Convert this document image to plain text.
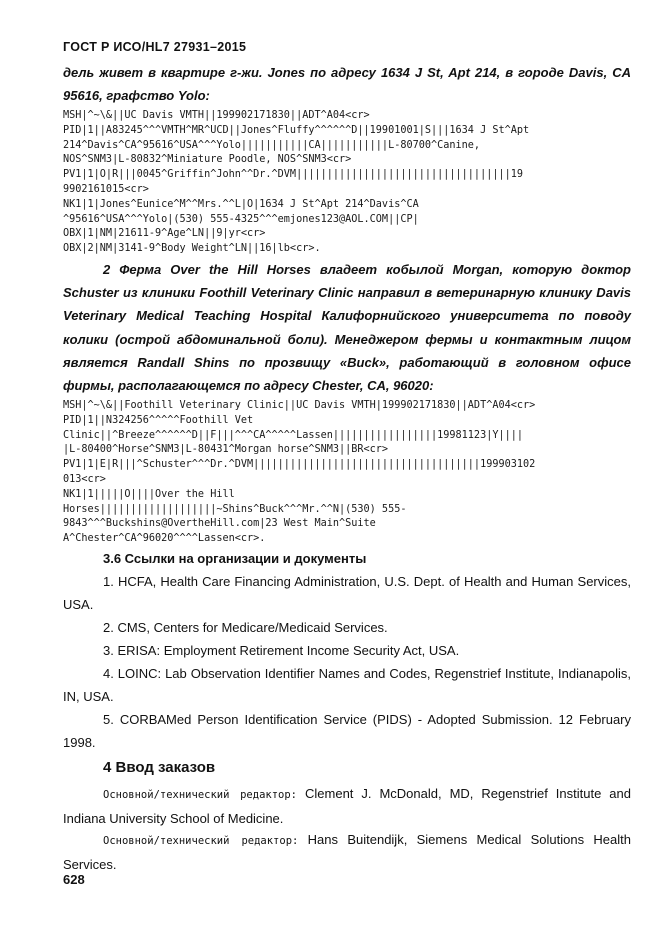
ГОСТ Р ИСО/HL7 27931–2015
дель живет в квартире г-жи. Jones по адресу 1634 J St, Apt 214, в городе Davis, CA 95616, графство Yolo:
MSH|^~\&||UC Davis VMTH||199902171830||ADT^A04<cr>
PID|1||A83245^^^VMTH^MR^UCD||Jones^Fluffy^^^^^^D||19901001|S|||1634 J St^Apt
214^Davis^CA^95616^USA^^^Yolo|||||||||||CA|||||||||||L-80700^Canine,
NOS^SNM3|L-80832^Miniature Poodle, NOS^SNM3<cr>
PV1|1|O|R|||0045^Griffin^John^^Dr.^DVM|||||||||||||||||||||||||||||||||||19
9902161015<cr>
NK1|1|Jones^Eunice^M^^Mrs.^^L|O|1634 J St^Apt 214^Davis^CA
^95616^USA^^^Yolo|(530) 555-4325^^^emjones123@AOL.COM||CP|
OBX|1|NM|21611-9^Age^LN||9|yr<cr>
OBX|2|NM|3141-9^Body Weight^LN||16|lb<cr>.
2 Ферма Over the Hill Horses владеет кобылой Morgan, которую доктор Schuster из клиники Foothill Veterinary Clinic направил в ветеринарную клинику Davis Veterinary Medical Teaching Hospital Калифорнийского университета по поводу колики (острой абдоминальной боли). Менеджером фермы и контактным лицом является Randall Shins по прозвищу «Buck», работающий в головном офисе фирмы, располагающемся по адресу Chester, CA, 96020:
MSH|^~\&||Foothill Veterinary Clinic||UC Davis VMTH|199902171830||ADT^A04<cr>
PID|1||N324256^^^^^Foothill Vet
Clinic||^Breeze^^^^^^D||F|||^^^CA^^^^^Lassen|||||||||||||||||19981123|Y||||
|L-80400^Horse^SNM3|L-80431^Morgan horse^SNM3||BR<cr>
PV1|1|E|R|||^Schuster^^^Dr.^DVM|||||||||||||||||||||||||||||||||||||199903102
013<cr>
NK1|1|||||O||||Over the Hill
Horses|||||||||||||||||||~Shins^Buck^^^Mr.^^N|(530) 555-
9843^^^Buckshins@OvertheHill.com|23 West Main^Suite
A^Chester^CA^96020^^^^Lassen<cr>.
3.6 Ссылки на организации и документы
1. HCFA, Health Care Financing Administration, U.S. Dept. of Health and Human Services, USA.
2. CMS, Centers for Medicare/Medicaid Services.
3. ERISA: Employment Retirement Income Security Act, USA.
4. LOINC: Lab Observation Identifier Names and Codes, Regenstrief Institute, Indianapolis, IN, USA.
5. CORBAMed Person Identification Service (PIDS) - Adopted Submission. 12 February 1998.
4 Ввод заказов
Основной/технический редактор: Clement J. McDonald, MD, Regenstrief Institute and Indiana University School of Medicine.
Основной/технический редактор: Hans Buitendijk, Siemens Medical Solutions Health Services.
628
